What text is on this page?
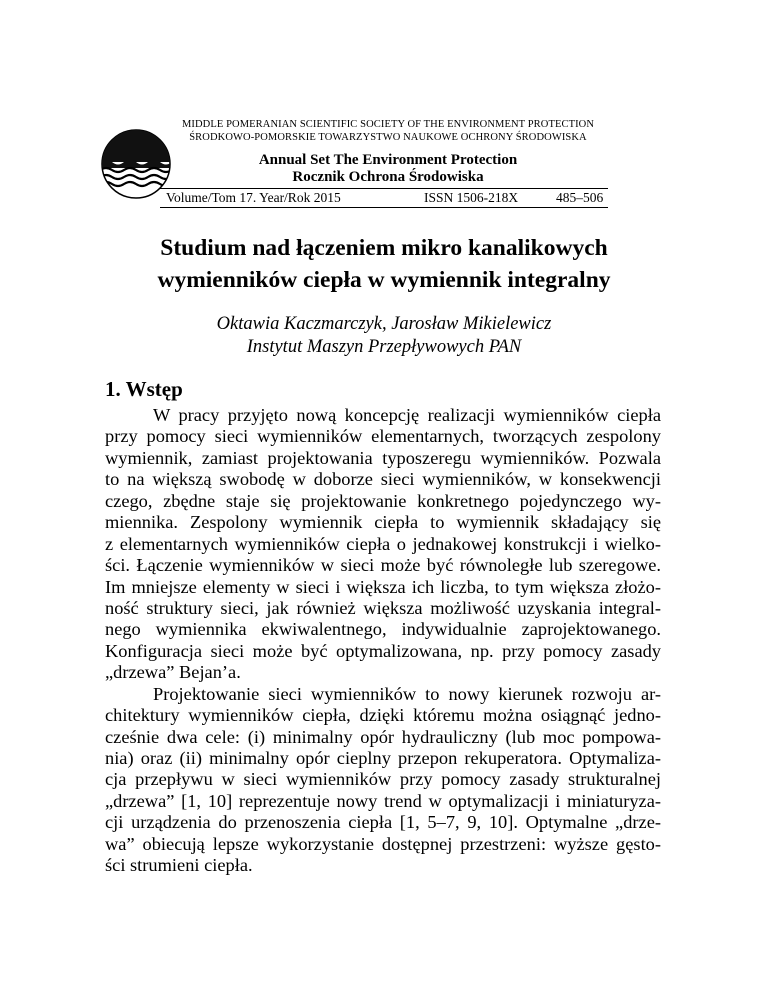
MIDDLE POMERANIAN SCIENTIFIC SOCIETY OF THE ENVIRONMENT PROTECTION
ŚRODKOWO-POMORSKIE TOWARZYSTWO NAUKOWE OCHRONY ŚRODOWISKA
Annual Set The Environment Protection
Rocznik Ochrona Środowiska
Volume/Tom 17. Year/Rok 2015	ISSN 1506-218X	485–506
Studium nad łączeniem mikro kanalikowych
wymienników ciepła w wymiennik integralny
Oktawia Kaczmarczyk, Jarosław Mikielewicz
Instytut Maszyn Przepływowych PAN
1. Wstęp
W pracy przyjęto nową koncepcję realizacji wymienników ciepła
przy pomocy sieci wymienników elementarnych, tworzących zespolony
wymiennik, zamiast projektowania typoszeregu wymienników. Pozwala
to na większą swobodę w doborze sieci wymienników, w konsekwencji
czego, zbędne staje się projektowanie konkretnego pojedynczego wy-
miennika. Zespolony wymiennik ciepła to wymiennik składający się
z elementarnych wymienników ciepła o jednakowej konstrukcji i wielko-
ści. Łączenie wymienników w sieci może być równoległe lub szeregowe.
Im mniejsze elementy w sieci i większa ich liczba, to tym większa złożo-
ność struktury sieci, jak również większa możliwość uzyskania integral-
nego wymiennika ekwiwalentnego, indywidualnie zaprojektowanego.
Konfiguracja sieci może być optymalizowana, np. przy pomocy zasady
„drzewa” Bejan’a.
Projektowanie sieci wymienników to nowy kierunek rozwoju ar-
chitektury wymienników ciepła, dzięki któremu można osiągnąć jedno-
cześnie dwa cele: (i) minimalny opór hydrauliczny (lub moc pompowa-
nia) oraz (ii) minimalny opór cieplny przepon rekuperatora. Optymaliza-
cja przepływu w sieci wymienników przy pomocy zasady strukturalnej
„drzewa” [1, 10] reprezentuje nowy trend w optymalizacji i miniaturyza-
cji urządzenia do przenoszenia ciepła [1, 5–7, 9, 10]. Optymalne „drze-
wa” obiecują lepsze wykorzystanie dostępnej przestrzeni: wyższe gęsto-
ści strumieni ciepła.
